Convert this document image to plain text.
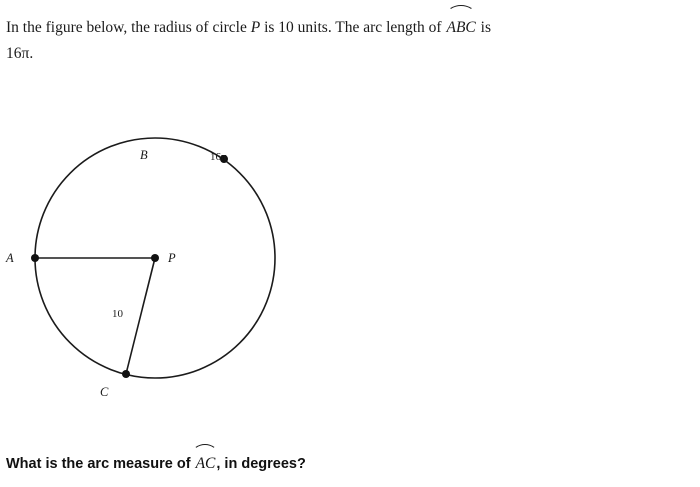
In the figure below, the radius of circle P is 10 units. The arc length of ABC is
16π.
B	16π
P
A
10
C
What is the arc measure of AC, in degrees?
